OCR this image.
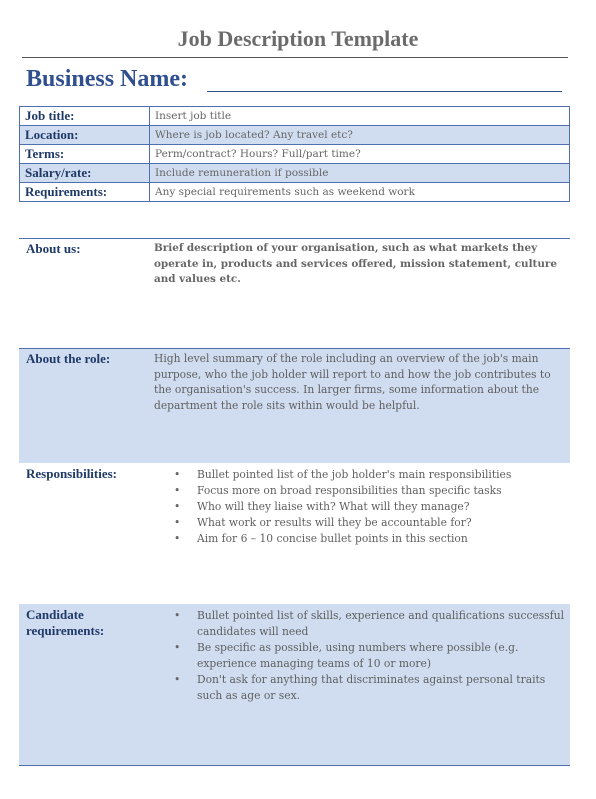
Job Description Template
Business Name:
Job title:	Insert job title
Location:	Where is job located? Any travel etc?
Terms:	Perm/contract? Hours? Full/part time?
Salary/rate:	Include remuneration if possible
Requirements:	Any special requirements such as weekend work
About us:	Brief description of your organisation, such as what markets they operate in, products and services offered, mission statement, culture and values etc.
About the role:	High level summary of the role including an overview of the job's main purpose, who the job holder will report to and how the job contributes to the organisation's success. In larger firms, some information about the department the role sits within would be helpful.
Responsibilities:	• Bullet pointed list of the job holder's main responsibilities
• Focus more on broad responsibilities than specific tasks
• Who will they liaise with? What will they manage?
• What work or results will they be accountable for?
• Aim for 6 – 10 concise bullet points in this section
Candidate requirements:
• Bullet pointed list of skills, experience and qualifications successful candidates will need
• Be specific as possible, using numbers where possible (e.g. experience managing teams of 10 or more)
• Don't ask for anything that discriminates against personal traits such as age or sex.
